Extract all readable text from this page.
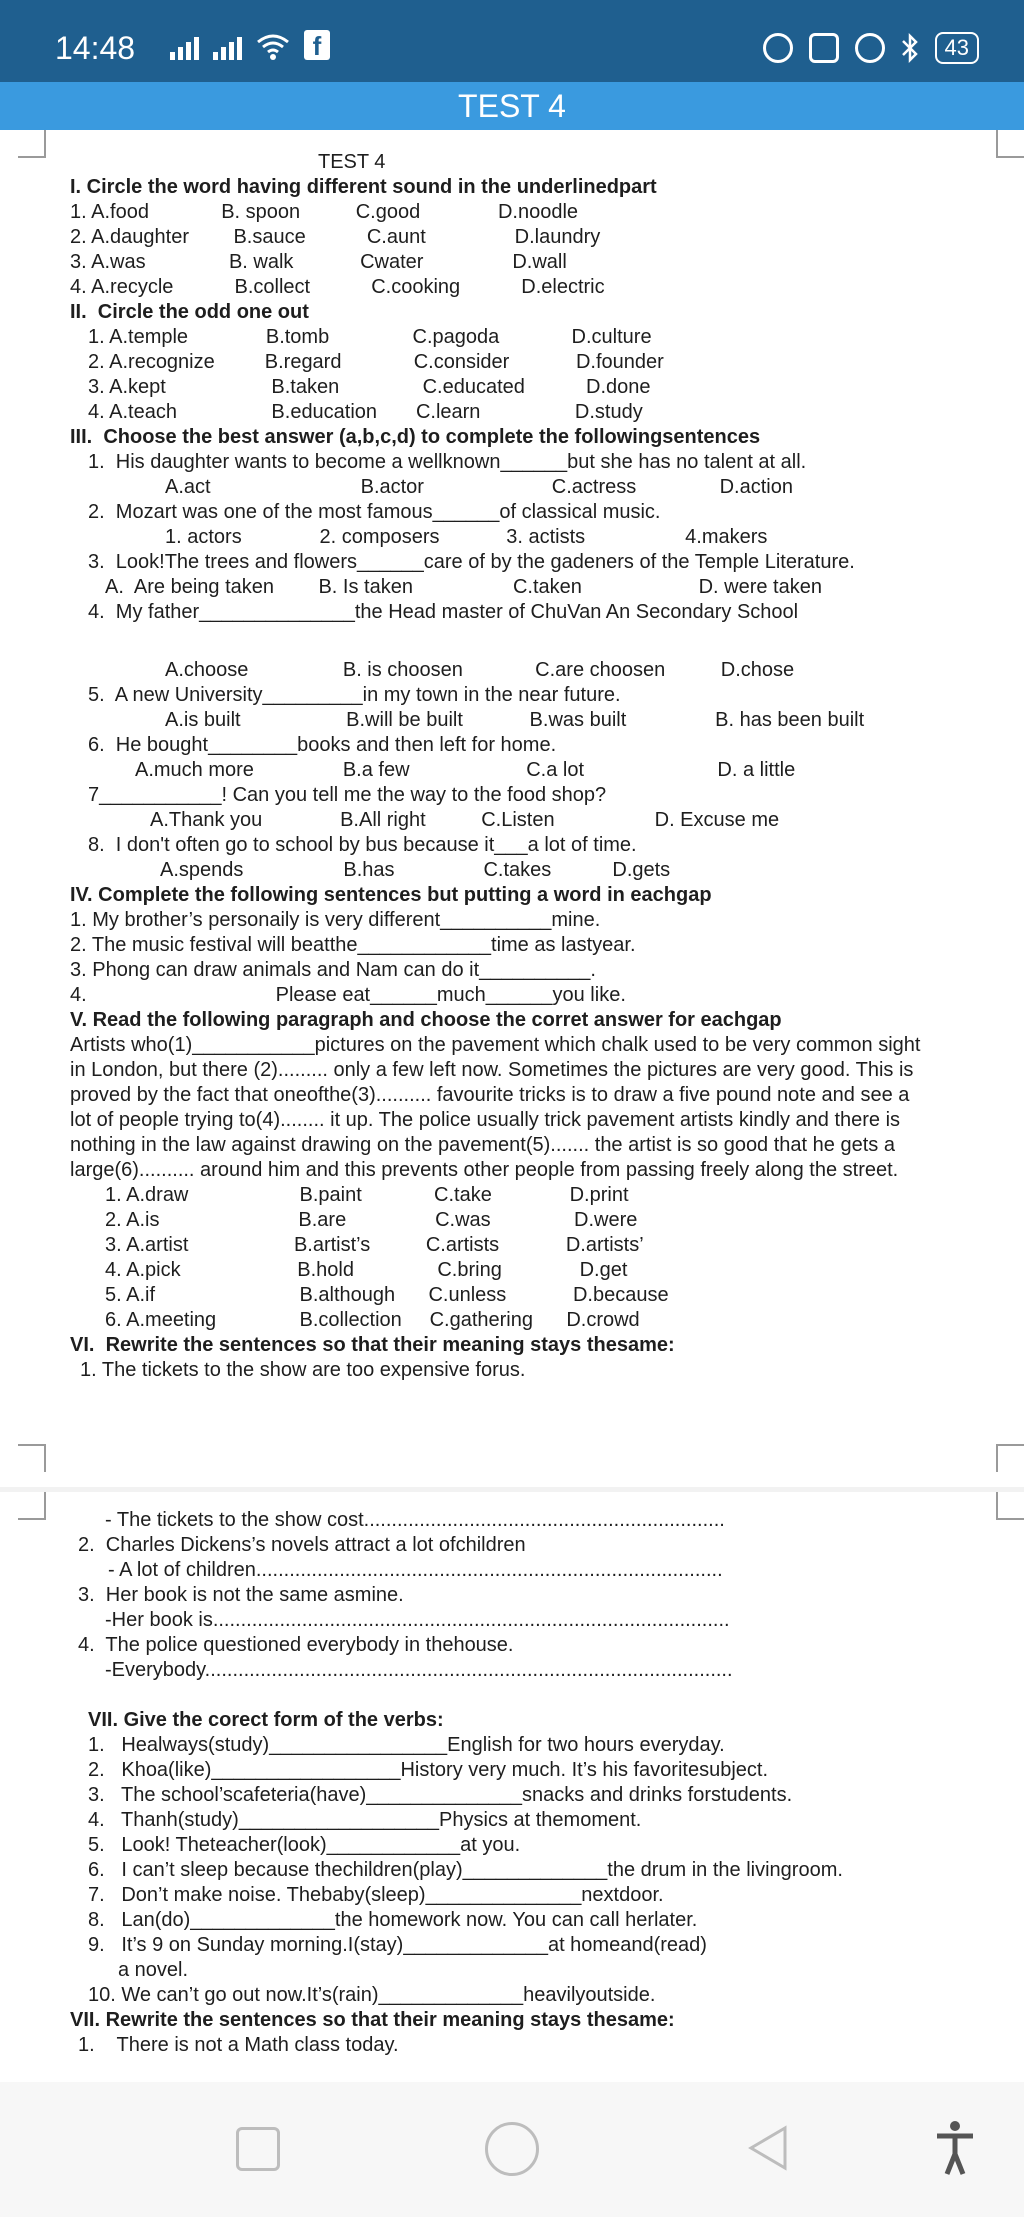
14:48	f	43
TEST 4
TEST 4
I. Circle the word having different sound in the underlinedpart
1. A.food             B. spoon          C.good              D.noodle
2. A.daughter        B.sauce           C.aunt                D.laundry
3. A.was               B. walk            Cwater                D.wall
4. A.recycle           B.collect           C.cooking           D.electric
II.  Circle the odd one out
1. A.temple              B.tomb               C.pagoda             D.culture
2. A.recognize         B.regard             C.consider            D.founder
3. A.kept                   B.taken               C.educated           D.done
4. A.teach                 B.education       C.learn                 D.study
III.  Choose the best answer (a,b,c,d) to complete the followingsentences
1.  His daughter wants to become a wellknown______but she has no talent at all.
A.act                           B.actor                       C.actress               D.action
2.  Mozart was one of the most famous______of classical music.
1. actors              2. composers            3. actists                  4.makers
3.  Look!The trees and flowers______care of by the gadeners of the Temple Literature.
A.  Are being taken        B. Is taken                  C.taken                     D. were taken
4.  My father______________the Head master of ChuVan An Secondary School
A.choose                 B. is choosen             C.are choosen          D.chose
5.  A new University_________in my town in the near future.
A.is built                   B.will be built            B.was built                B. has been built
6.  He bought________books and then left for home.
A.much more                B.a few                     C.a lot                        D. a little
7___________! Can you tell me the way to the food shop?
A.Thank you              B.All right          C.Listen                  D. Excuse me
8.  I don't often go to school by bus because it___a lot of time.
A.spends                  B.has                C.takes           D.gets
IV. Complete the following sentences but putting a word in eachgap
1. My brother’s personaily is very different__________mine.
2. The music festival will beatthe____________time as lastyear.
3. Phong can draw animals and Nam can do it__________.
4.                                  Please eat______much______you like.
V. Read the following paragraph and choose the corret answer for eachgap
Artists who(1)___________pictures on the pavement which chalk used to be very common sight
in London, but there (2)......... only a few left now. Sometimes the pictures are very good. This is
proved by the fact that oneofthe(3).......... favourite tricks is to draw a five pound note and see a
lot of people trying to(4)........ it up. The police usually trick pavement artists kindly and there is
nothing in the law against drawing on the pavement(5)....... the artist is so good that he gets a
large(6).......... around him and this prevents other people from passing freely along the street.
1. A.draw                    B.paint             C.take              D.print
2. A.is                         B.are                C.was               D.were
3. A.artist                   B.artist’s          C.artists            D.artists’
4. A.pick                     B.hold               C.bring              D.get
5. A.if                          B.although      C.unless            D.because
6. A.meeting               B.collection     C.gathering      D.crowd
VI.  Rewrite the sentences so that their meaning stays thesame:
1. The tickets to the show are too expensive forus.
- The tickets to the show cost.................................................................
2.  Charles Dickens’s novels attract a lot ofchildren
- A lot of children....................................................................................
3.  Her book is not the same asmine.
-Her book is.............................................................................................
4.  The police questioned everybody in thehouse.
-Everybody...............................................................................................
VII. Give the corect form of the verbs:
1.   Healways(study)________________English for two hours everyday.
2.   Khoa(like)_________________History very much. It’s his favoritesubject.
3.   The school’scafeteria(have)______________snacks and drinks forstudents.
4.   Thanh(study)__________________Physics at themoment.
5.   Look! Theteacher(look)____________at you.
6.   I can’t sleep because thechildren(play)_____________the drum in the livingroom.
7.   Don’t make noise. Thebaby(sleep)______________nextdoor.
8.   Lan(do)_____________the homework now. You can call herlater.
9.   It’s 9 on Sunday morning.I(stay)_____________at homeand(read)
a novel.
10. We can’t go out now.It’s(rain)_____________heavilyoutside.
VII. Rewrite the sentences so that their meaning stays thesame:
1.    There is not a Math class today.
